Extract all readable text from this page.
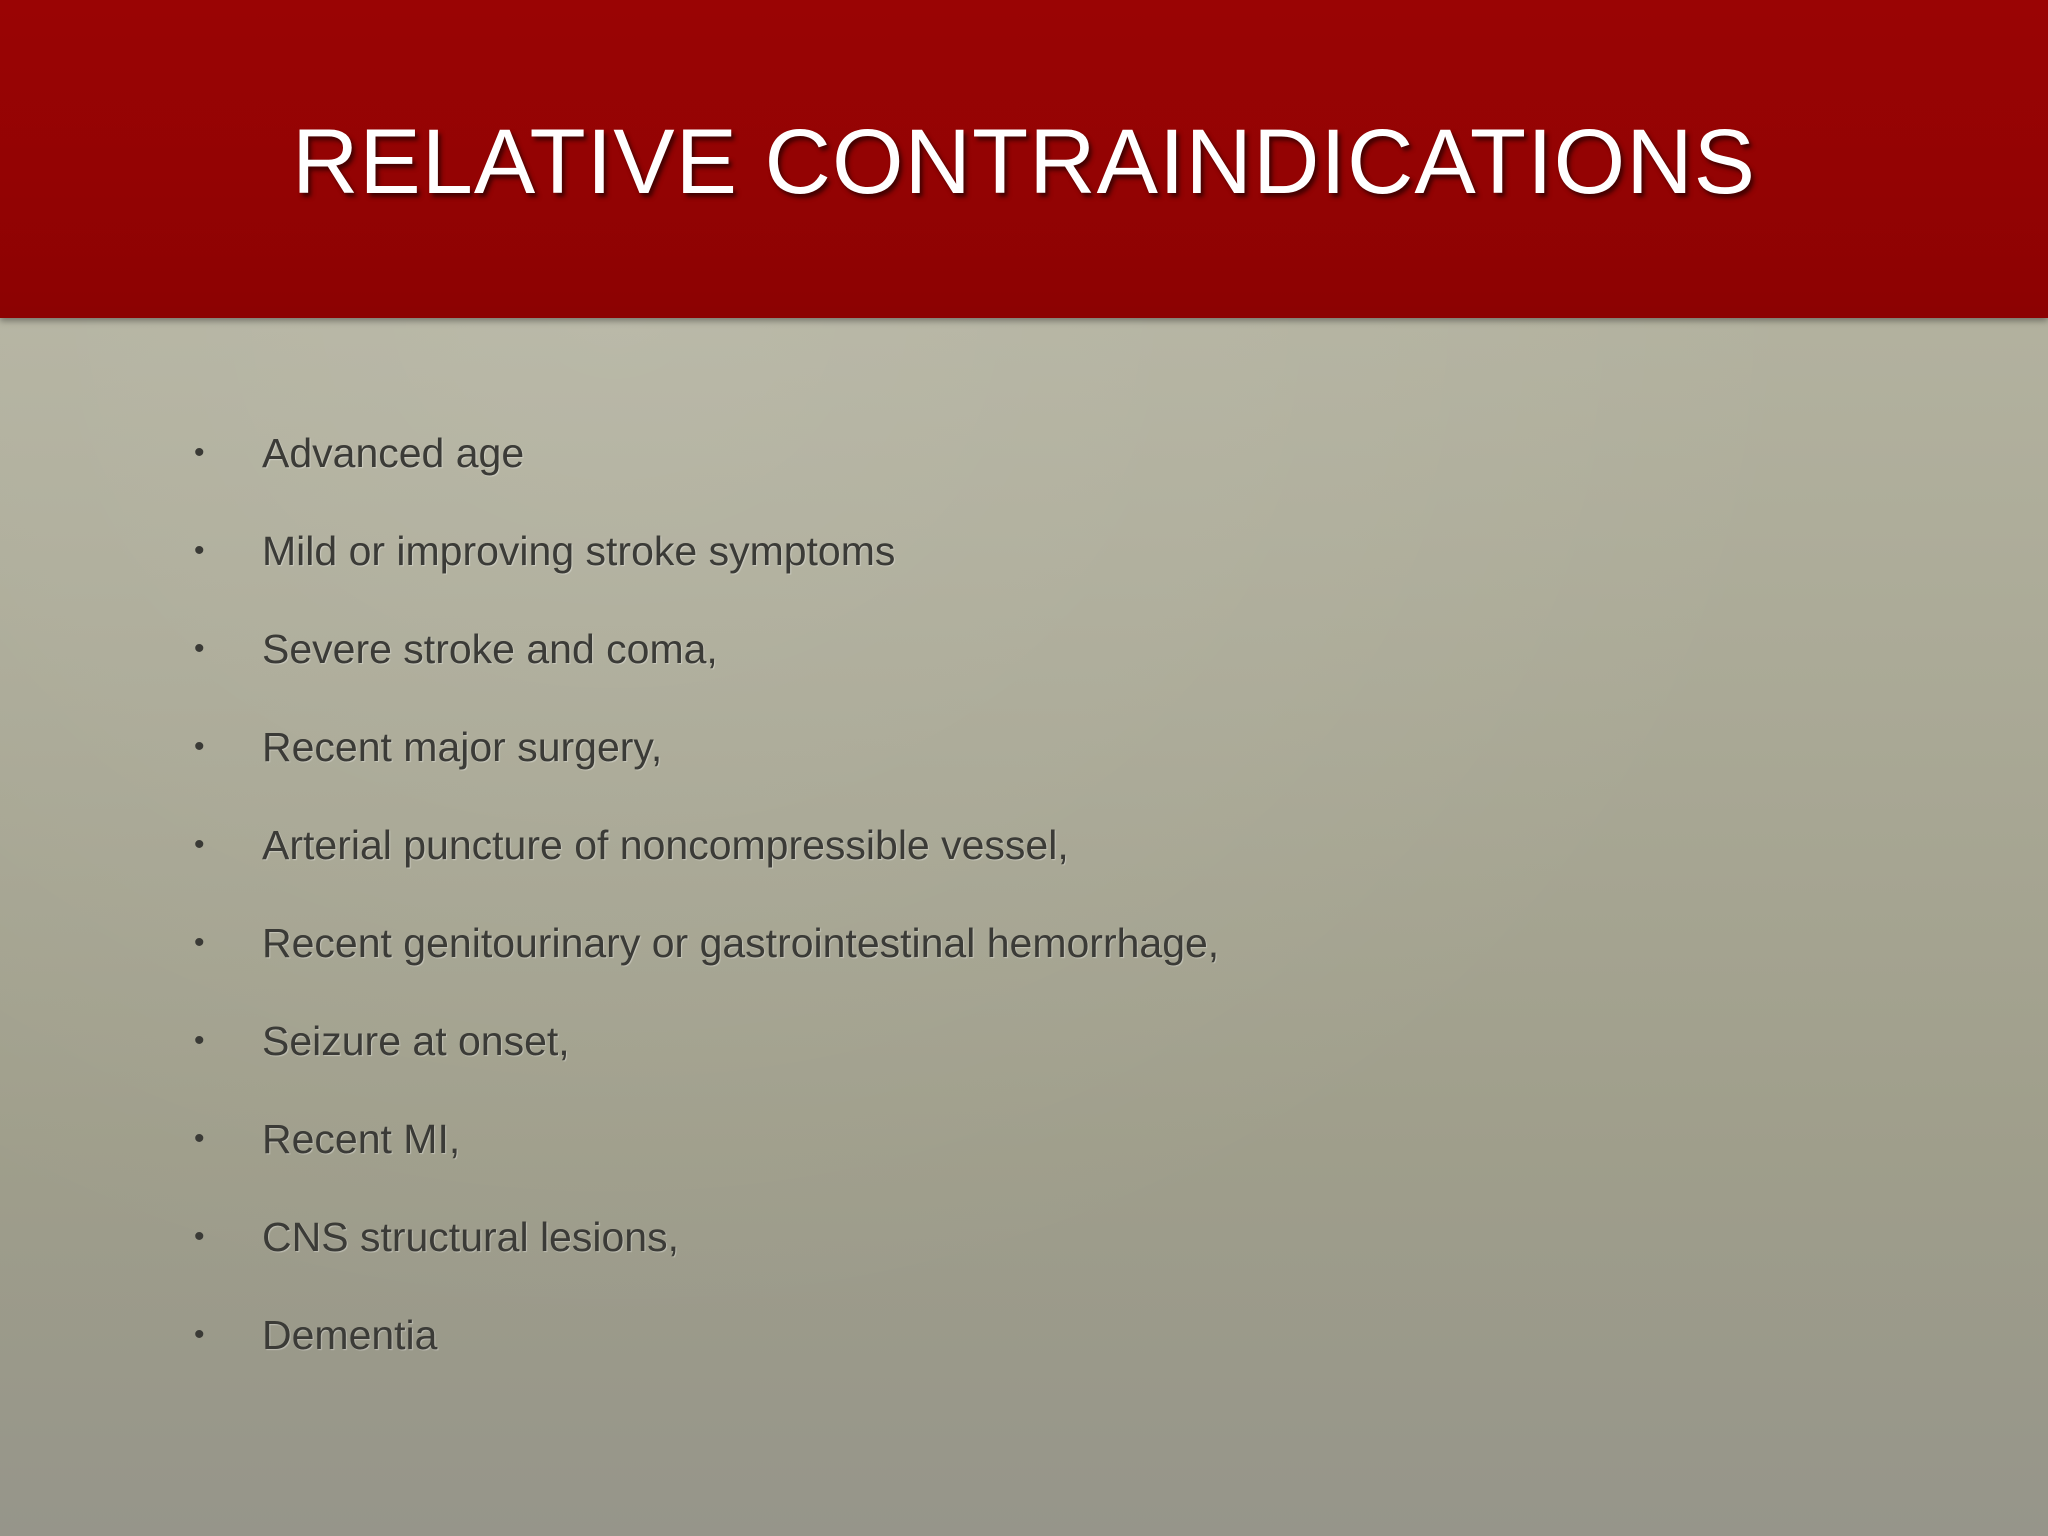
RELATIVE CONTRAINDICATIONS
•	Advanced age
•	Mild or improving stroke symptoms
•	Severe stroke and coma,
•	Recent major surgery,
•	Arterial puncture of noncompressible vessel,
•	Recent genitourinary or gastrointestinal hemorrhage,
•	Seizure at onset,
•	Recent MI,
•	CNS structural lesions,
•	Dementia
